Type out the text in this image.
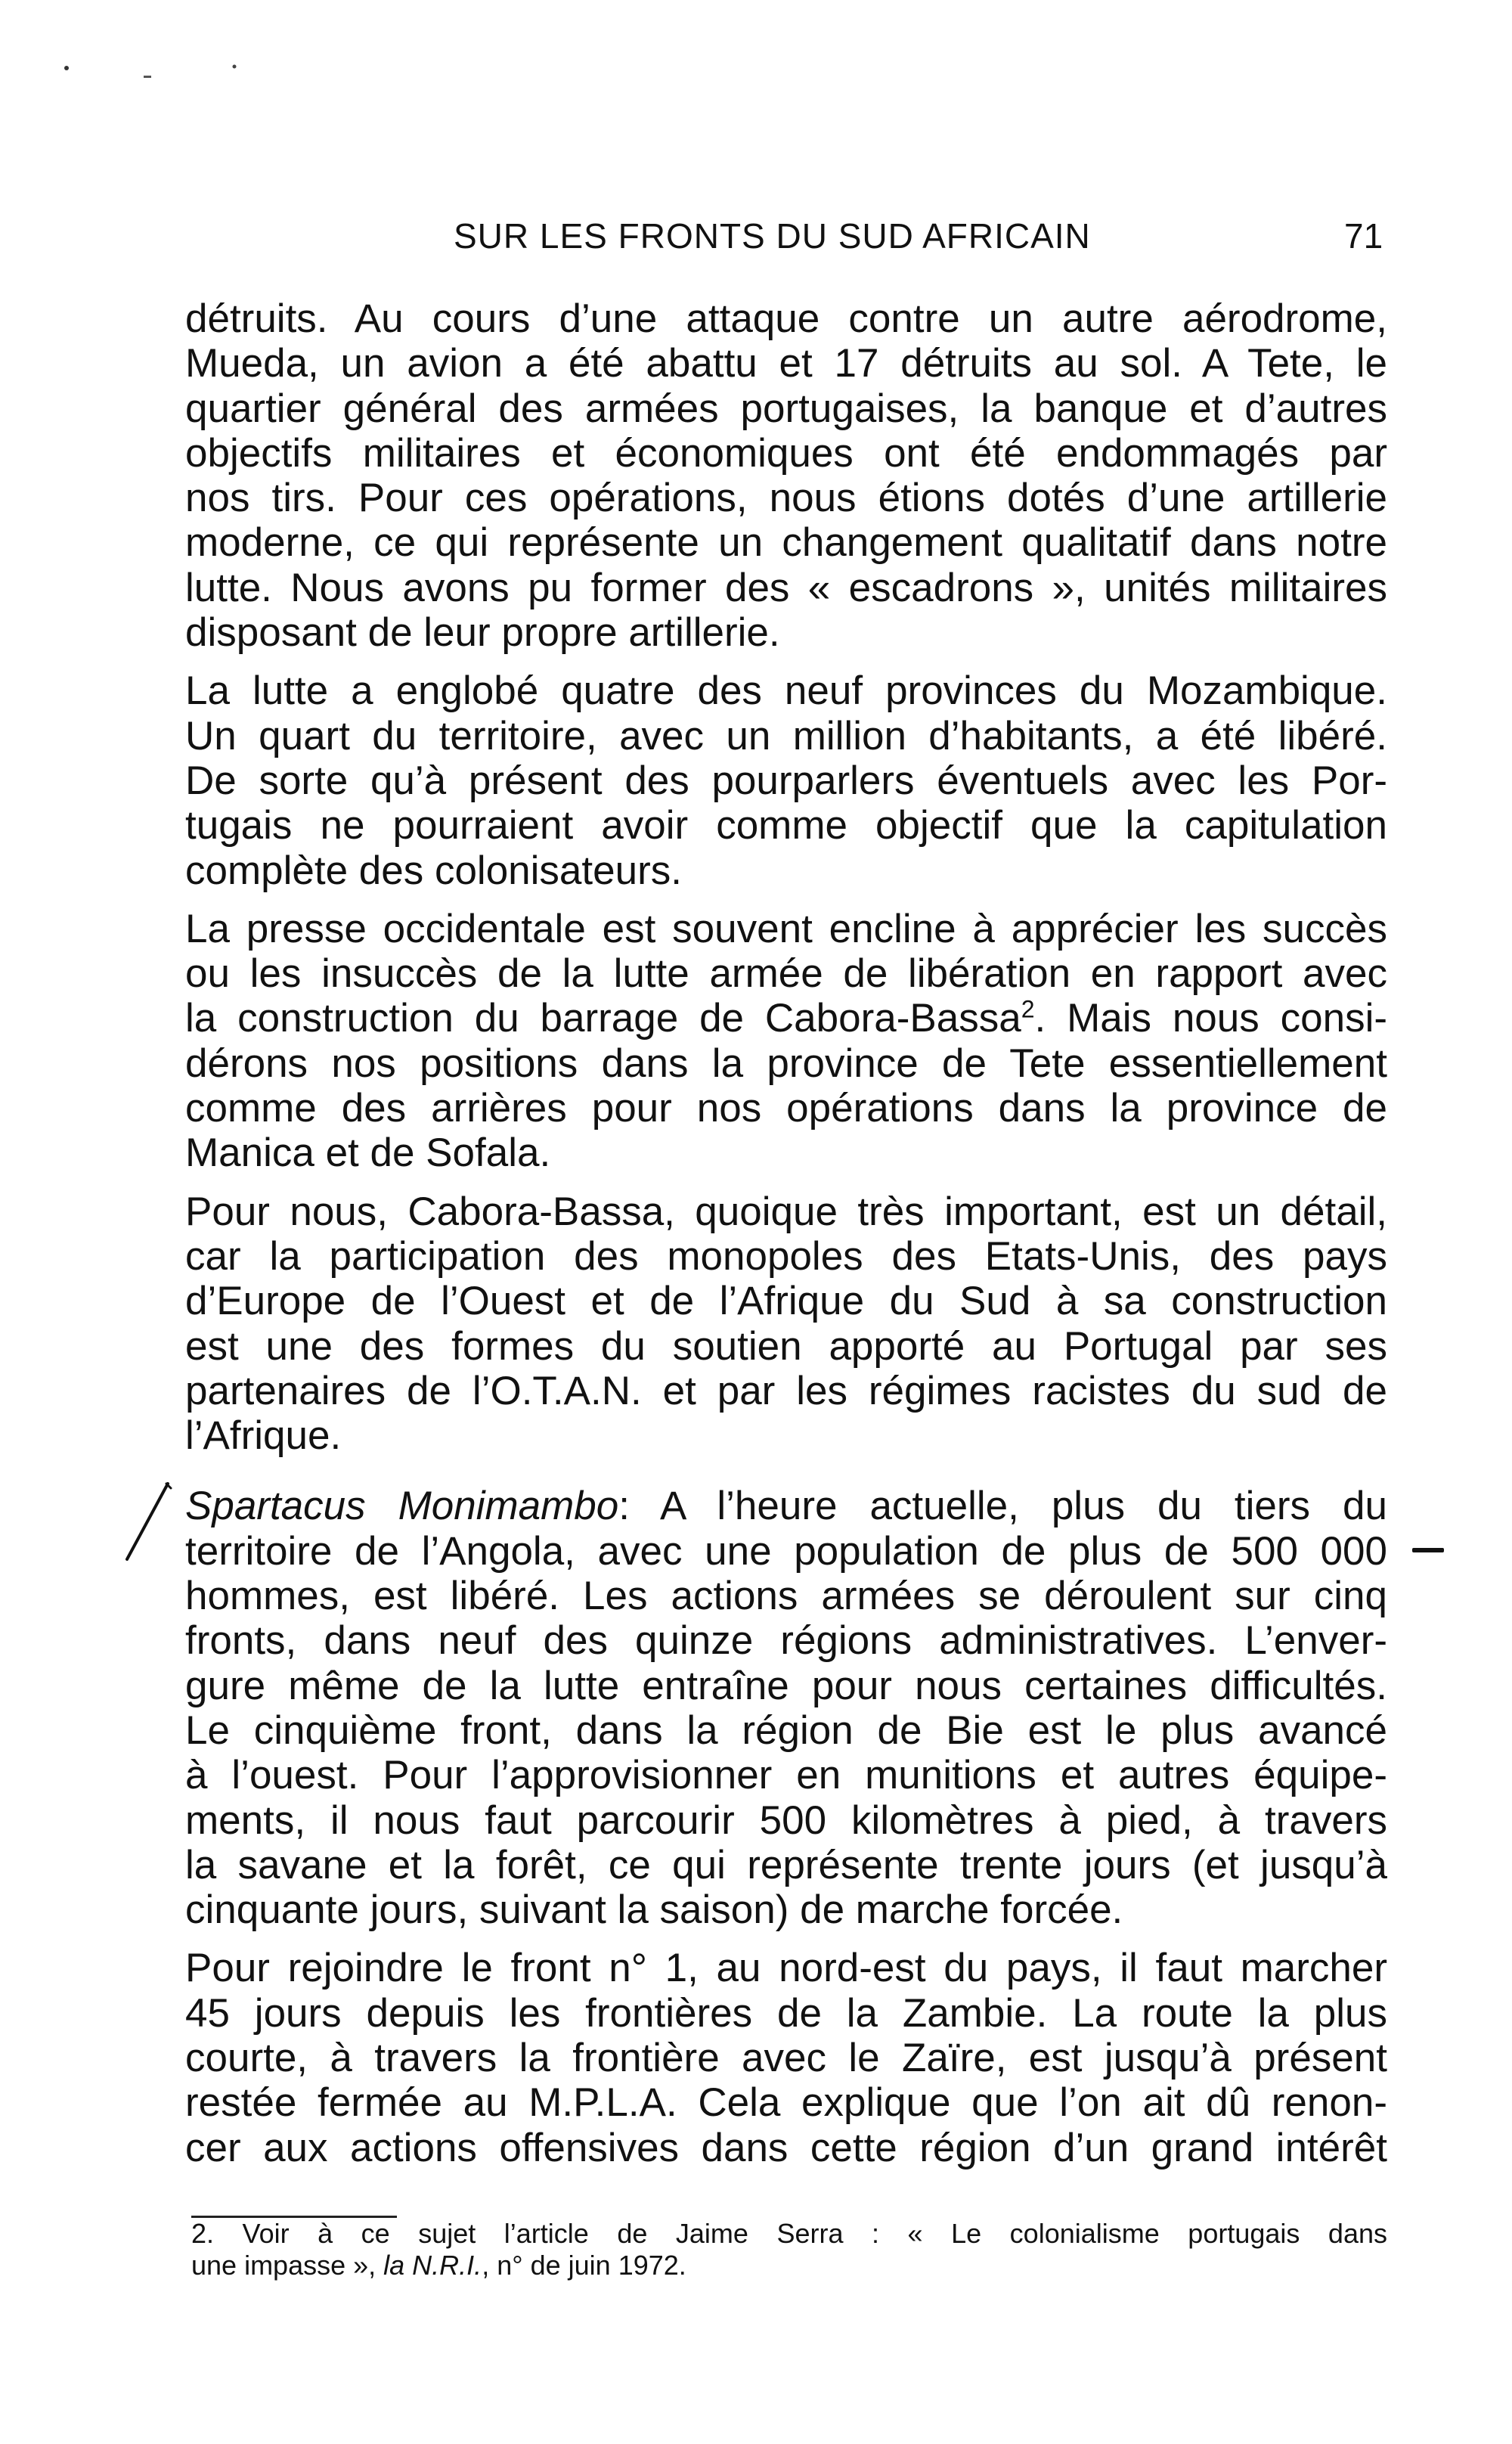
SUR LES FRONTS DU SUD AFRICAIN	71
détruits. Au cours d’une attaque contre un autre aérodrome,
Mueda, un avion a été abattu et 17 détruits au sol. A Tete, le
quartier général des armées portugaises, la banque et d’autres
objectifs militaires et économiques ont été endommagés par
nos tirs. Pour ces opérations, nous étions dotés d’une artillerie
moderne, ce qui représente un changement qualitatif dans notre
lutte. Nous avons pu former des « escadrons », unités militaires
disposant de leur propre artillerie.
La lutte a englobé quatre des neuf provinces du Mozambique.
Un quart du territoire, avec un million d’habitants, a été libéré.
De sorte qu’à présent des pourparlers éventuels avec les Por-
tugais ne pourraient avoir comme objectif que la capitulation
complète des colonisateurs.
La presse occidentale est souvent encline à apprécier les succès
ou les insuccès de la lutte armée de libération en rapport avec
la construction du barrage de Cabora-Bassa$^2$. Mais nous consi-
dérons nos positions dans la province de Tete essentiellement
comme des arrières pour nos opérations dans la province de
Manica et de Sofala.
Pour nous, Cabora-Bassa, quoique très important, est un détail,
car la participation des monopoles des Etats-Unis, des pays
d’Europe de l’Ouest et de l’Afrique du Sud à sa construction
est une des formes du soutien apporté au Portugal par ses
partenaires de l’O.T.A.N. et par les régimes racistes du sud de
l’Afrique.
Spartacus Monimambo: A l’heure actuelle, plus du tiers du
territoire de l’Angola, avec une population de plus de 500 000
hommes, est libéré. Les actions armées se déroulent sur cinq
fronts, dans neuf des quinze régions administratives. L’enver-
gure même de la lutte entraîne pour nous certaines difficultés.
Le cinquième front, dans la région de Bie est le plus avancé
à l’ouest. Pour l’approvisionner en munitions et autres équipe-
ments, il nous faut parcourir 500 kilomètres à pied, à travers
la savane et la forêt, ce qui représente trente jours (et jusqu’à
cinquante jours, suivant la saison) de marche forcée.
Pour rejoindre le front n° 1, au nord-est du pays, il faut marcher
45 jours depuis les frontières de la Zambie. La route la plus
courte, à travers la frontière avec le Zaïre, est jusqu’à présent
restée fermée au M.P.L.A. Cela explique que l’on ait dû renon-
cer aux actions offensives dans cette région d’un grand intérêt
2. Voir à ce sujet l’article de Jaime Serra : « Le colonialisme portugais dans
une impasse », la N.R.I., n° de juin 1972.
